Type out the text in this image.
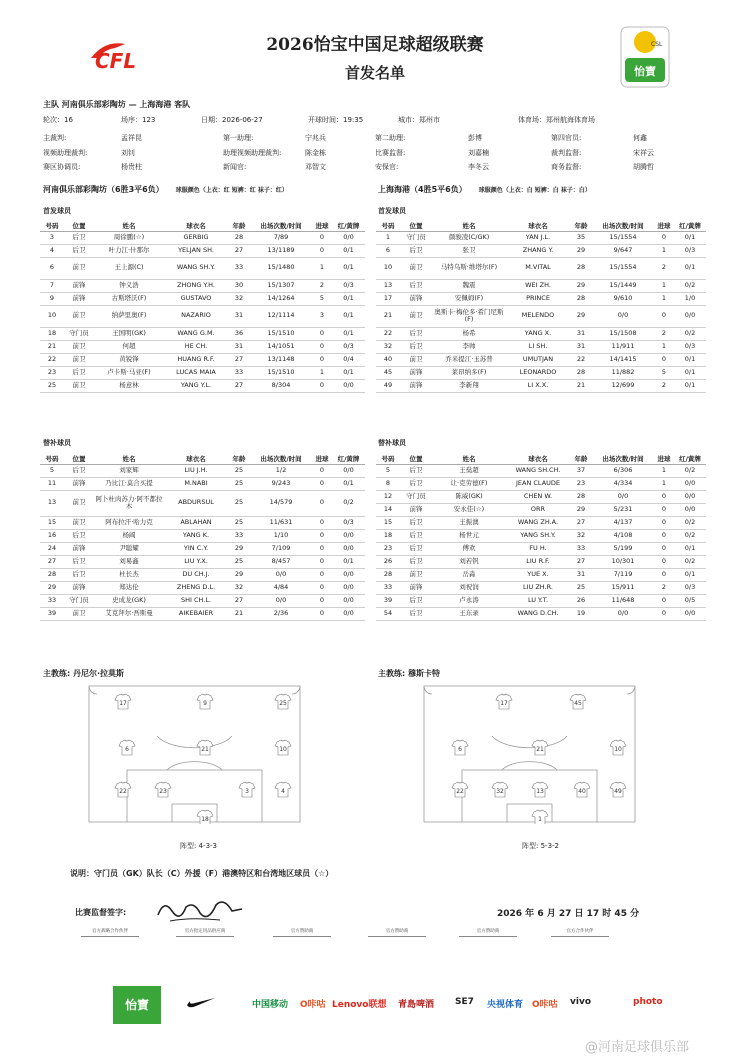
CFL
2026怡宝中国足球超级联赛
首发名单
CSL
怡寶
主队 河南俱乐部彩陶坊 — 上海海港 客队
轮次：16	场序：123	日期：2026-06-27	开球时间：19:35	城市：郑州市	体育场：郑州航海体育场
主裁判:	孟祥昆	第一助理:	宁兆兵	第二助理:	彭博	第四官员:	何鑫
视频助理裁判:	刘钊	助理视频助理裁判:	陈金栋	比赛监督:	刘嘉楠	裁判监督:	宋祥云
赛区协调员:	杨贵柱	新闻官:	邓智文	安保官:	李冬云	商务监督:	胡腾哲
河南俱乐部彩陶坊（6胜3平6负） 球服颜色（上衣：红 短裤：红 袜子：红）	上海海港（4胜5平6负） 球服颜色（上衣：白 短裤：白 袜子：白）
首发球员	首发球员
号码	位置	姓名	球衣名	年龄	出场次数/时间	进球	红/黄牌
3	后卫	周徐鹏(☆)	GERBIG	28	7/89	0	0/0
4	后卫	叶力江·什那尔	YELJAN SH.	27	13/1189	0	0/1
6	前卫	王上源(C)	WANG SH.Y.	33	15/1480	1	0/1
7	前锋	钟义浩	ZHONG Y.H.	30	15/1307	2	0/3
9	前锋	古斯塔沃(F)	GUSTAVO	32	14/1264	5	0/1
10	前卫	纳萨里奥(F)	NAZARIO	31	12/1114	3	0/1
18	守门员	王国明(GK)	WANG G.M.	36	15/1510	0	0/1
21	前卫	何超	HE CH.	31	14/1051	0	0/3
22	前卫	黄锐锋	HUANG R.F.	27	13/1148	0	0/4
23	后卫	卢卡斯·马亚(F)	LUCAS MAIA	33	15/1510	1	0/1
25	前卫	杨意林	YANG Y.L.	27	8/304	0	0/0
号码	位置	姓名	球衣名	年龄	出场次数/时间	进球	红/黄牌
1	守门员	颜骏凌(C/GK)	YAN J.L.	35	15/1554	0	0/1
6	后卫	张卫	ZHANG Y.	29	9/647	1	0/3
10	前卫	马特乌斯·维塔尔(F)	M.VITAL	28	15/1554	2	0/1
13	后卫	魏震	WEI ZH.	29	15/1449	1	0/2
17	前锋	安佩姆(F)	PRINCE	28	9/610	1	1/0
21	前卫	奥斯卡·梅伦多·希门尼斯(F)	MELENDO	29	0/0	0	0/0
22	后卫	杨希	YANG X.	31	15/1508	2	0/2
32	后卫	李帅	LI SH.	31	11/911	1	0/3
40	前卫	乔米提江·玉苏普	UMUTJAN	22	14/1415	0	0/1
45	前锋	莱昂纳多(F)	LEONARDO	28	11/882	5	0/1
49	前锋	李新翔	LI X.X.	21	12/699	2	0/1
替补球员	替补球员
号码	位置	姓名	球衣名	年龄	出场次数/时间	进球	红/黄牌
5	后卫	刘家辉	LIU J.H.	25	1/2	0	0/0
11	前锋	乃比江·莫合买提	M.NABI	25	9/243	0	0/1
13	前卫	阿卜杜肉苏力·阿不都拉木	ABDURSUL	25	14/579	0	0/2
15	前卫	阿布拉汗·哈力克	ABLAHAN	25	11/631	0	0/3
16	后卫	杨阔	YANG K.	33	1/10	0	0/0
24	前锋	尹聪耀	YIN C.Y.	29	7/109	0	0/0
27	后卫	刘易鑫	LIU Y.X.	25	8/457	0	0/1
28	后卫	杜长杰	DU CH.J.	29	0/0	0	0/0
29	前锋	郑达伦	ZHENG D.L.	32	4/84	0	0/0
33	守门员	史成龙(GK)	SHI CH.L.	27	0/0	0	0/0
39	前卫	艾克拜尔·吾斯曼	AIKEBAIER	21	2/36	0	0/0
号码	位置	姓名	球衣名	年龄	出场次数/时间	进球	红/黄牌
5	后卫	王燊超	WANG SH.CH.	37	6/306	1	0/2
8	后卫	让·克劳德(F)	JEAN CLAUDE	23	4/334	1	0/0
12	守门员	陈威(GK)	CHEN W.	28	0/0	0	0/0
14	前锋	安永佳(☆)	ORR	29	5/231	0	0/0
15	后卫	王振澳	WANG ZH.A.	27	4/137	0	0/2
18	后卫	杨世元	YANG SH.Y.	32	4/108	0	0/2
23	后卫	傅欢	FU H.	33	5/199	0	0/1
26	后卫	刘若钒	LIU R.F.	27	10/301	0	0/2
28	前卫	岳淼	YUE X.	31	7/119	0	0/1
33	前锋	刘祝润	LIU ZH.R.	25	15/911	2	0/3
39	后卫	卢永涛	LU Y.T.	26	11/648	0	0/5
54	后卫	王东录	WANG D.CH.	19	0/0	0	0/0
主教练: 丹尼尔·拉莫斯	主教练: 穆斯卡特
17	9	25
6	21	10
22	23	3	4
18
17	45
6	21	10
22	32	13	40	49
1
阵型: 4-3-3	阵型: 5-3-2
说明：守门员（GK）队长（C）外援（F）港澳特区和台湾地区球员（☆）
比赛监督签字:	2026 年 6 月 27 日 17 时 45 分
官方战略合作伙伴	官方指定用品供应商	官方赞助商	官方赞助商	官方赞助商	官方合作伙伴
怡寶	中国移动 O咔咕 Lenovo联想 青島啤酒 SE7 央视体育 O咔咕 vivo	photo
@河南足球俱乐部
